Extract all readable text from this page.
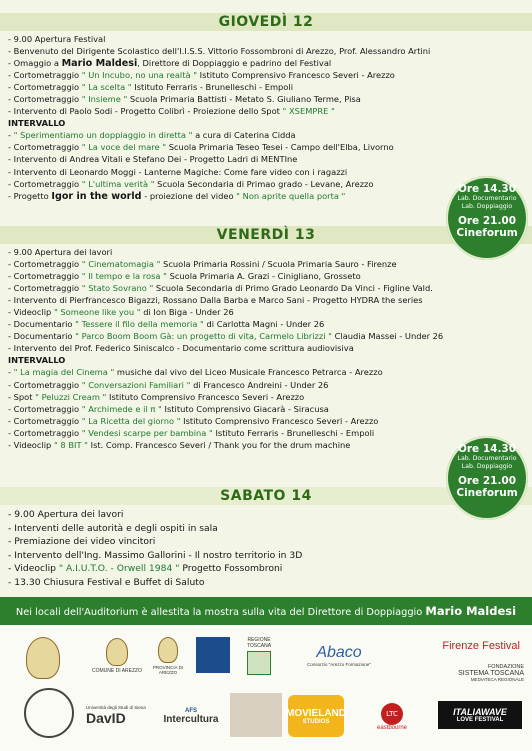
GIOVEDÌ 12
- 9.00 Apertura Festival
- Benvenuto del Dirigente Scolastico dell'I.I.S.S. Vittorio Fossombroni di Arezzo, Prof. Alessandro Artini
- Omaggio a Mario Maldesi, Direttore di Doppiaggio e padrino del Festival
- Cortometraggio " Un Incubo, no una realtà " Istituto Comprensivo Francesco Severi - Arezzo
- Cortometraggio " La scelta " Istituto Ferraris - Brunelleschi - Empoli
- Cortometraggio " Insieme " Scuola Primaria Battisti - Metato S. Giuliano Terme, Pisa
- Intervento di Paolo Sodi - Progetto Colibrì - Proiezione dello Spot " XSEMPRE "
INTERVALLO
- " Sperimentiamo un doppiaggio in diretta " a cura di Caterina Cidda
- Cortometraggio " La voce del mare " Scuola Primaria Teseo Tesei - Campo dell'Elba, Livorno
- Intervento di Andrea Vitali e Stefano Dei - Progetto Ladri di MENTIne
- Intervento di Leonardo Moggi - Lanterne Magiche: Come fare video con i ragazzi
- Cortometraggio " L'ultima verità " Scuola Secondaria di Primao grado - Levane, Arezzo
- Progetto Igor in the world - proiezione del video " Non aprite quella porta "
VENERDÌ 13
- 9.00 Apertura dei lavori
- Cortometraggio " Cinematomagia " Scuola Primaria Rossini / Scuola Primaria Sauro - Firenze
- Cortometraggio " Il tempo e la rosa " Scuola Primaria A. Grazi - Cinigliano, Grosseto
- Cortometraggio " Stato Sovrano " Scuola Secondaria di Primo Grado Leonardo Da Vinci - Figline Vald.
- Intervento di Pierfrancesco Bigazzi, Rossano Dalla Barba e Marco Sani - Progetto HYDRA the series
- Videoclip " Someone like you " di Ion Biga - Under 26
- Documentario " Tessere il filo della memoria " di Carlotta Magni - Under 26
- Documentario " Parco Boom Boom Gà: un progetto di vita, Carmelo Librizzi " Claudia Massei - Under 26
- Intervento del Prof. Federico Siniscalco - Documentario come scrittura audiovisiva
INTERVALLO
- " La magia del Cinema " musiche dal vivo del Liceo Musicale Francesco Petrarca - Arezzo
- Cortometraggio " Conversazioni Familiari " di Francesco Andreini - Under 26
- Spot " Peluzzi Cream " Istituto Comprensivo Francesco Severi - Arezzo
- Cortometraggio " Archimede e il π " Istituto Comprensivo Giacarà - Siracusa
- Cortometraggio " La Ricetta del giorno " Istituto Comprensivo Francesco Severi - Arezzo
- Cortometraggio " Vendesi scarpe per bambina " Istituto Ferraris - Brunelleschi - Empoli
- Videoclip " 8 BIT " Ist. Comp. Francesco Severi / Thank you for the drum machine
SABATO 14
- 9.00 Apertura dei lavori
- Interventi delle autorità e degli ospiti in sala
- Premiazione dei video vincitori
- Intervento dell'Ing. Massimo Gallorini - Il nostro territorio in 3D
- Videoclip " A.I.U.T.O. - Orwell 1984 " Progetto Fossombroni
- 13.30 Chiusura Festival e Buffet di Saluto
Ore 14.30
Lab. Documentario
Lab. Doppiaggio
Ore 21.00
Cineforum
Ore 14.30
Lab. Documentario
Lab. Doppiaggio
Ore 21.00
Cineforum
Nei locali dell'Auditorium è allestita la mostra sulla vita del Direttore di Doppiaggio Mario Maldesi
COMUNE DI AREZZO
PROVINCIA DI AREZZO
REGIONE TOSCANA	Abaco
Consorzio "Arezzo Formazione"
Firenze Festival
FONDAZIONE
SISTEMA TOSCANA
MEDIATECA REGIONALE
Università degli Studi di Siena
DavID	AFS
Intercultura
MOVIELAND
STUDIOS
LTC
eastbourne
ITALIAWAVE
LOVE FESTIVAL
